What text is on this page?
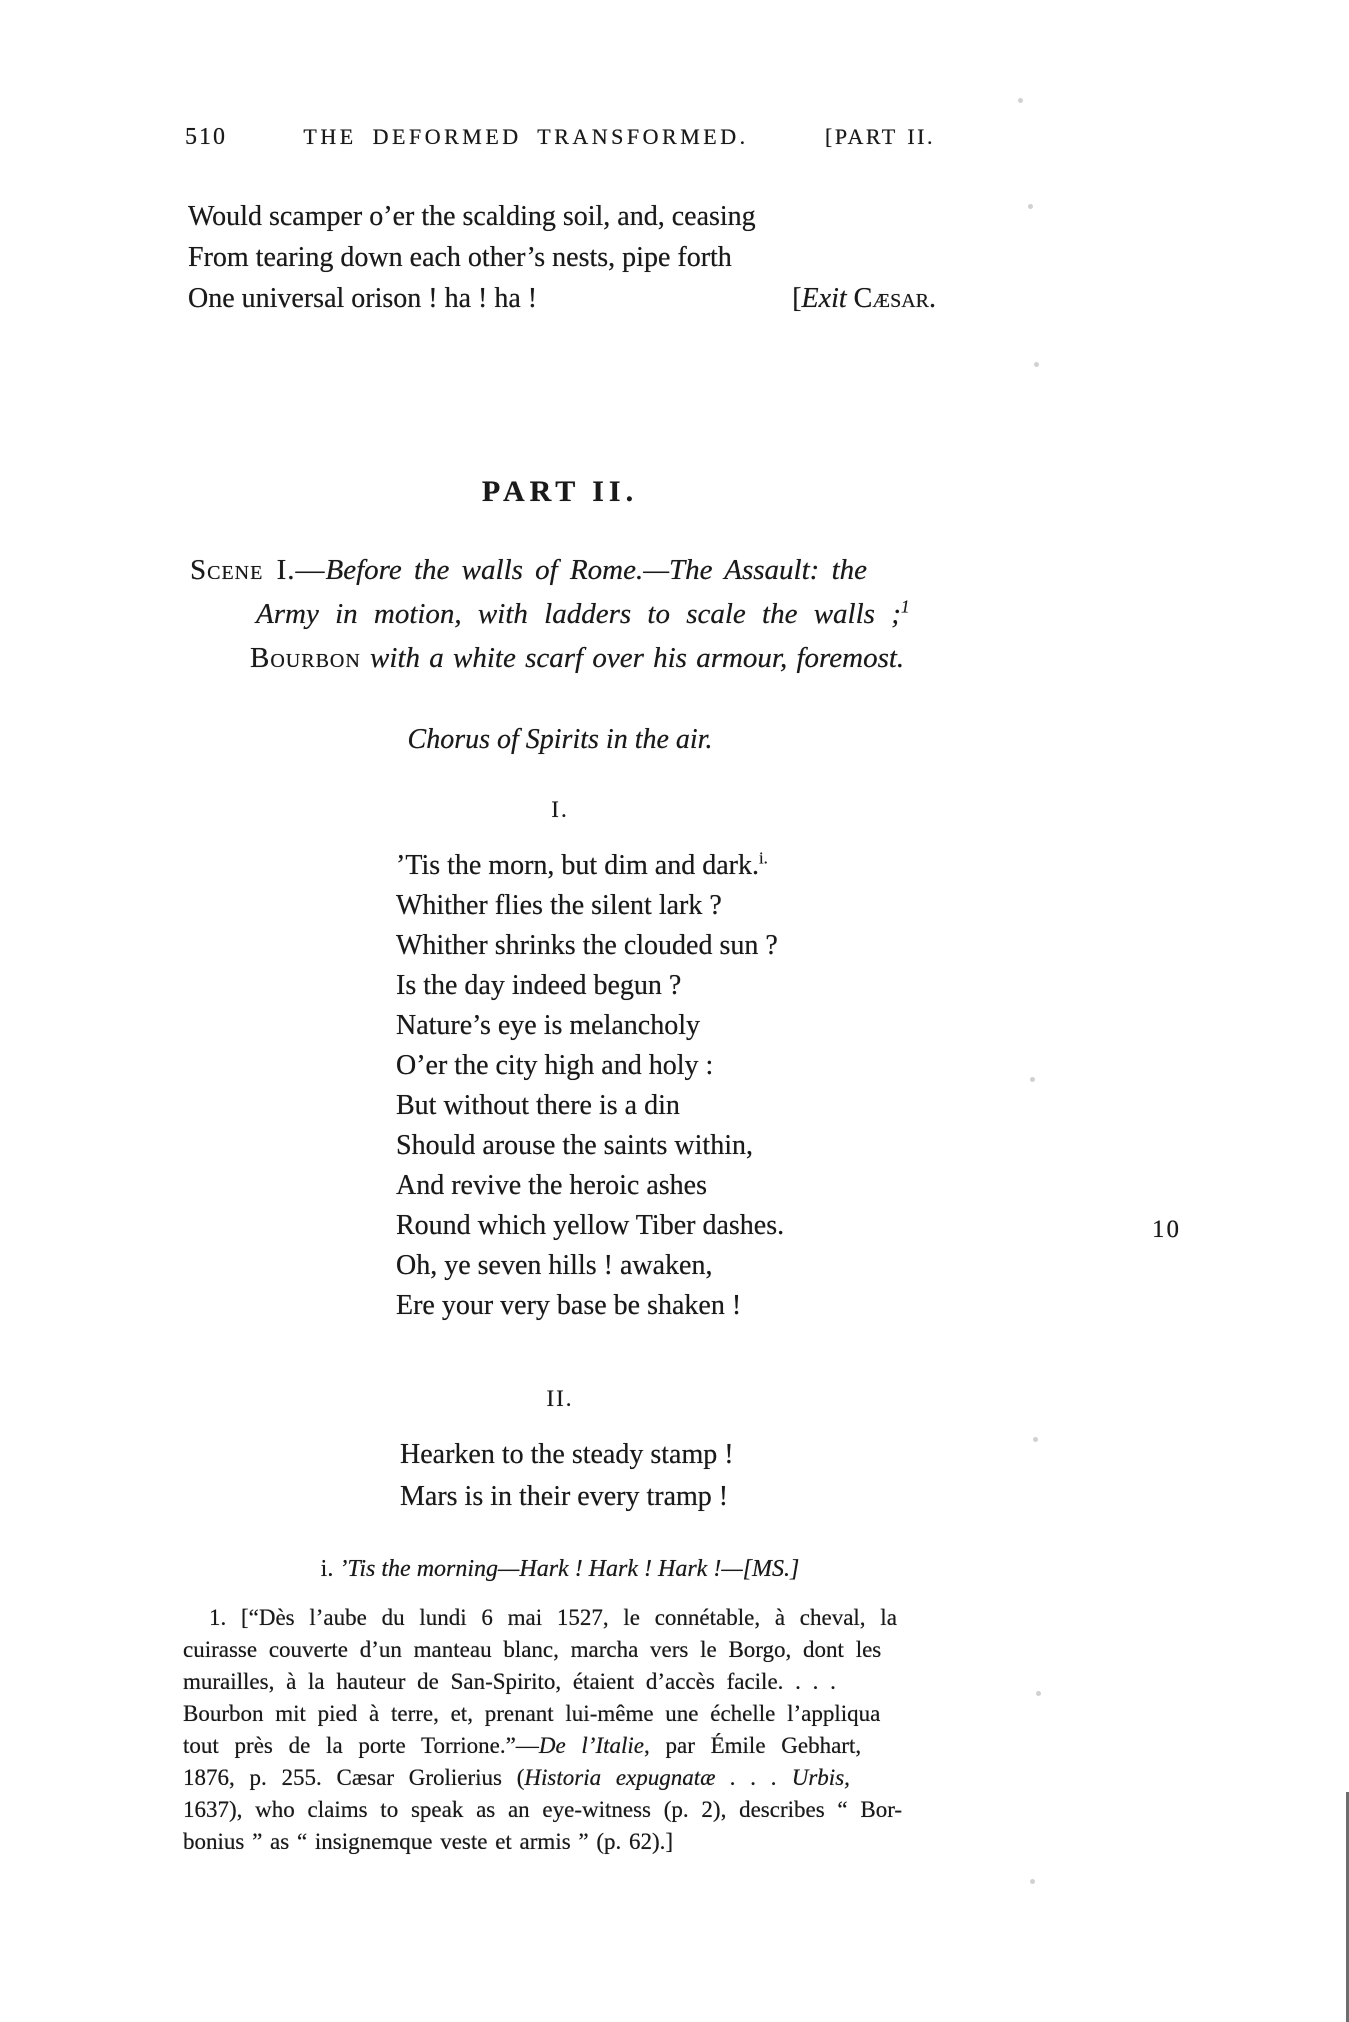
510	THE DEFORMED TRANSFORMED.	[PART II.
Would scamper o’er the scalding soil, and, ceasing
From tearing down each other’s nests, pipe forth
One universal orison ! ha ! ha !	[Exit Cæsar.
PART II.
Scene I.—Before the walls of Rome.—The Assault: the
Army in motion, with ladders to scale the walls ;$^1$
Bourbon with a white scarf over his armour, foremost.
Chorus of Spirits in the air.
I.
’Tis the morn, but dim and dark.$^{i.}$
Whither flies the silent lark ?
Whither shrinks the clouded sun ?
Is the day indeed begun ?
Nature’s eye is melancholy
O’er the city high and holy :
But without there is a din
Should arouse the saints within,
And revive the heroic ashes
Round which yellow Tiber dashes.
Oh, ye seven hills ! awaken,
Ere your very base be shaken !
10
II.
Hearken to the steady stamp !
Mars is in their every tramp !
i. ’Tis the morning—Hark ! Hark ! Hark !—[MS.]
1. [“Dès l’aube du lundi 6 mai 1527, le connétable, à cheval, la
cuirasse couverte d’un manteau blanc, marcha vers le Borgo, dont les
murailles, à la hauteur de San-Spirito, étaient d’accès facile. . . .
Bourbon mit pied à terre, et, prenant lui-même une échelle l’appliqua
tout près de la porte Torrione.”—De l’Italie, par Émile Gebhart,
1876, p. 255. Cæsar Grolierius (Historia expugnatæ . . . Urbis,
1637), who claims to speak as an eye-witness (p. 2), describes “ Bor-
bonius ” as “ insignemque veste et armis ” (p. 62).]
